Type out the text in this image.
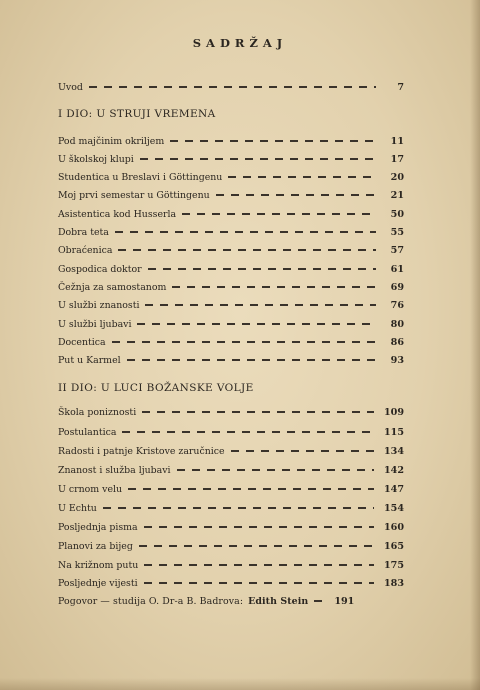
SADRŽAJ
Uvod	7
I DIO: U STRUJI VREMENA
Pod majčinim okriljem	11
U školskoj klupi	17
Studentica u Breslavi i Göttingenu	20
Moj prvi semestar u Göttingenu	21
Asistentica kod Husserla	50
Dobra teta	55
Obraćenica	57
Gospodica doktor	61
Čežnja za samostanom	69
U službi znanosti	76
U službi ljubavi	80
Docentica	86
Put u Karmel	93
II DIO: U LUCI BOŽANSKE VOLJE
Škola poniznosti	109
Postulantica	115
Radosti i patnje Kristove zaručnice	134
Znanost i služba ljubavi	142
U crnom velu	147
U Echtu	154
Posljednja pisma	160
Planovi za bijeg	165
Na križnom putu	175
Posljednje vijesti	183
Pogovor — studija O. Dr-a B. Badrova: Edith Stein	191
